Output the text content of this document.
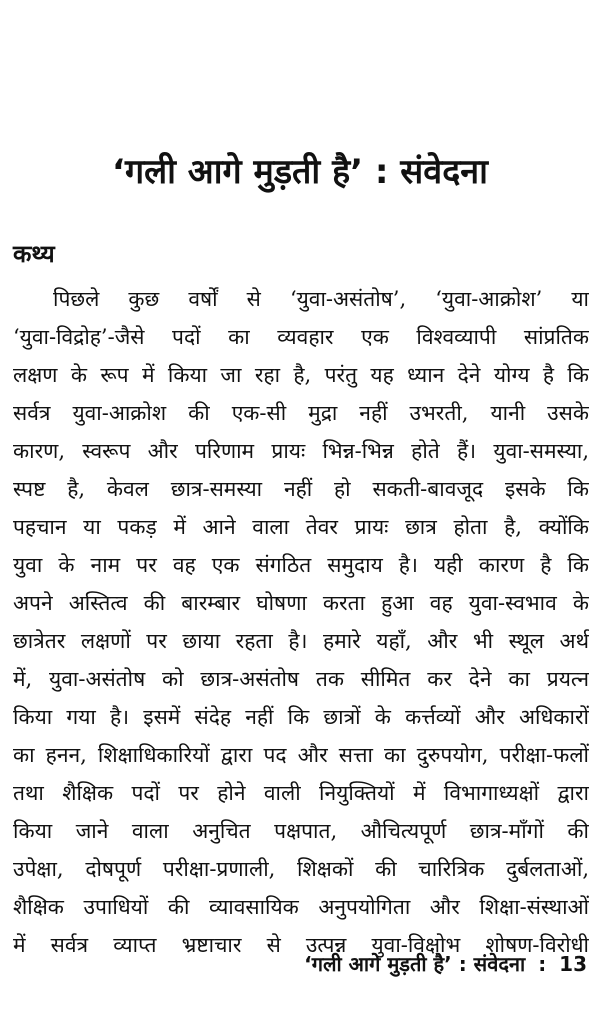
‘गली आगे मुड़ती है’ : संवेदना
कथ्य
पिछले कुछ वर्षों से ‘युवा-असंतोष’, ‘युवा-आक्रोश’ या
‘युवा-विद्रोह’-जैसे पदों का व्यवहार एक विश्वव्यापी सांप्रतिक
लक्षण के रूप में किया जा रहा है, परंतु यह ध्यान देने योग्य है कि
सर्वत्र युवा-आक्रोश की एक-सी मुद्रा नहीं उभरती, यानी उसके
कारण, स्वरूप और परिणाम प्रायः भिन्न-भिन्न होते हैं। युवा-समस्या,
स्पष्ट है, केवल छात्र-समस्या नहीं हो सकती-बावजूद इसके कि
पहचान या पकड़ में आने वाला तेवर प्रायः छात्र होता है, क्योंकि
युवा के नाम पर वह एक संगठित समुदाय है। यही कारण है कि
अपने अस्तित्व की बारम्बार घोषणा करता हुआ वह युवा-स्वभाव के
छात्रेतर लक्षणों पर छाया रहता है। हमारे यहाँ, और भी स्थूल अर्थ
में, युवा-असंतोष को छात्र-असंतोष तक सीमित कर देने का प्रयत्न
किया गया है। इसमें संदेह नहीं कि छात्रों के कर्त्तव्यों और अधिकारों
का हनन, शिक्षाधिकारियों द्वारा पद और सत्ता का दुरुपयोग, परीक्षा-फलों
तथा शैक्षिक पदों पर होने वाली नियुक्तियों में विभागाध्यक्षों द्वारा
किया जाने वाला अनुचित पक्षपात, औचित्यपूर्ण छात्र-माँगों की
उपेक्षा, दोषपूर्ण परीक्षा-प्रणाली, शिक्षकों की चारित्रिक दुर्बलताओं,
शैक्षिक उपाधियों की व्यावसायिक अनुपयोगिता और शिक्षा-संस्थाओं
में सर्वत्र व्याप्त भ्रष्टाचार से उत्पन्न युवा-विक्षोभ शोषण-विरोधी
‘गली आगे मुड़ती है’ : संवेदना : 13
